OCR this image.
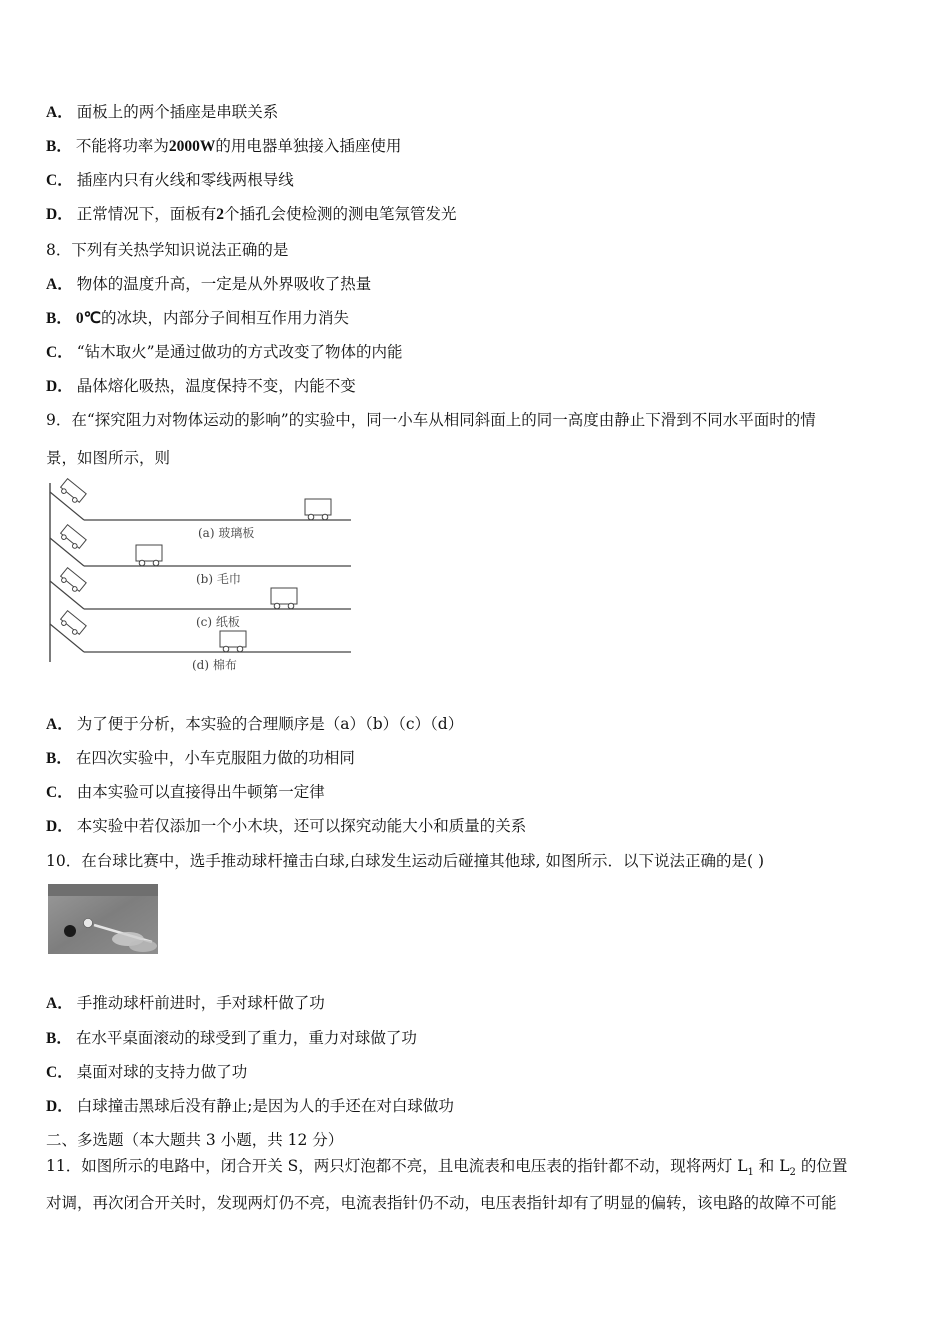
A． 面板上的两个插座是串联关系
B． 不能将功率为2000W的用电器单独接入插座使用
C． 插座内只有火线和零线两根导线
D． 正常情况下，面板有2个插孔会使检测的测电笔氖管发光
8．下列有关热学知识说法正确的是
A． 物体的温度升高，一定是从外界吸收了热量
B． 0℃的冰块，内部分子间相互作用力消失
C． “钻木取火”是通过做功的方式改变了物体的内能
D． 晶体熔化吸热，温度保持不变，内能不变
9．在“探究阻力对物体运动的影响”的实验中，同一小车从相同斜面上的同一高度由静止下滑到不同水平面时的情
景，如图所示，则
(a) 玻璃板
(b) 毛巾
(c) 纸板
(d) 棉布
A． 为了便于分析，本实验的合理顺序是（a）（b）（c）（d）
B． 在四次实验中，小车克服阻力做的功相同
C． 由本实验可以直接得出牛顿第一定律
D． 本实验中若仅添加一个小木块，还可以探究动能大小和质量的关系
10．在台球比赛中，选手推动球杆撞击白球,白球发生运动后碰撞其他球, 如图所示．以下说法正确的是( )
A． 手推动球杆前进时，手对球杆做了功
B． 在水平桌面滚动的球受到了重力，重力对球做了功
C． 桌面对球的支持力做了功
D． 白球撞击黑球后没有静止;是因为人的手还在对白球做功
二、多选题（本大题共 3 小题，共 12 分）
11．如图所示的电路中，闭合开关 S，两只灯泡都不亮，且电流表和电压表的指针都不动，现将两灯 $L_1$ 和 $L_2$ 的位置
对调，再次闭合开关时，发现两灯仍不亮，电流表指针仍不动，电压表指针却有了明显的偏转，该电路的故障不可能
